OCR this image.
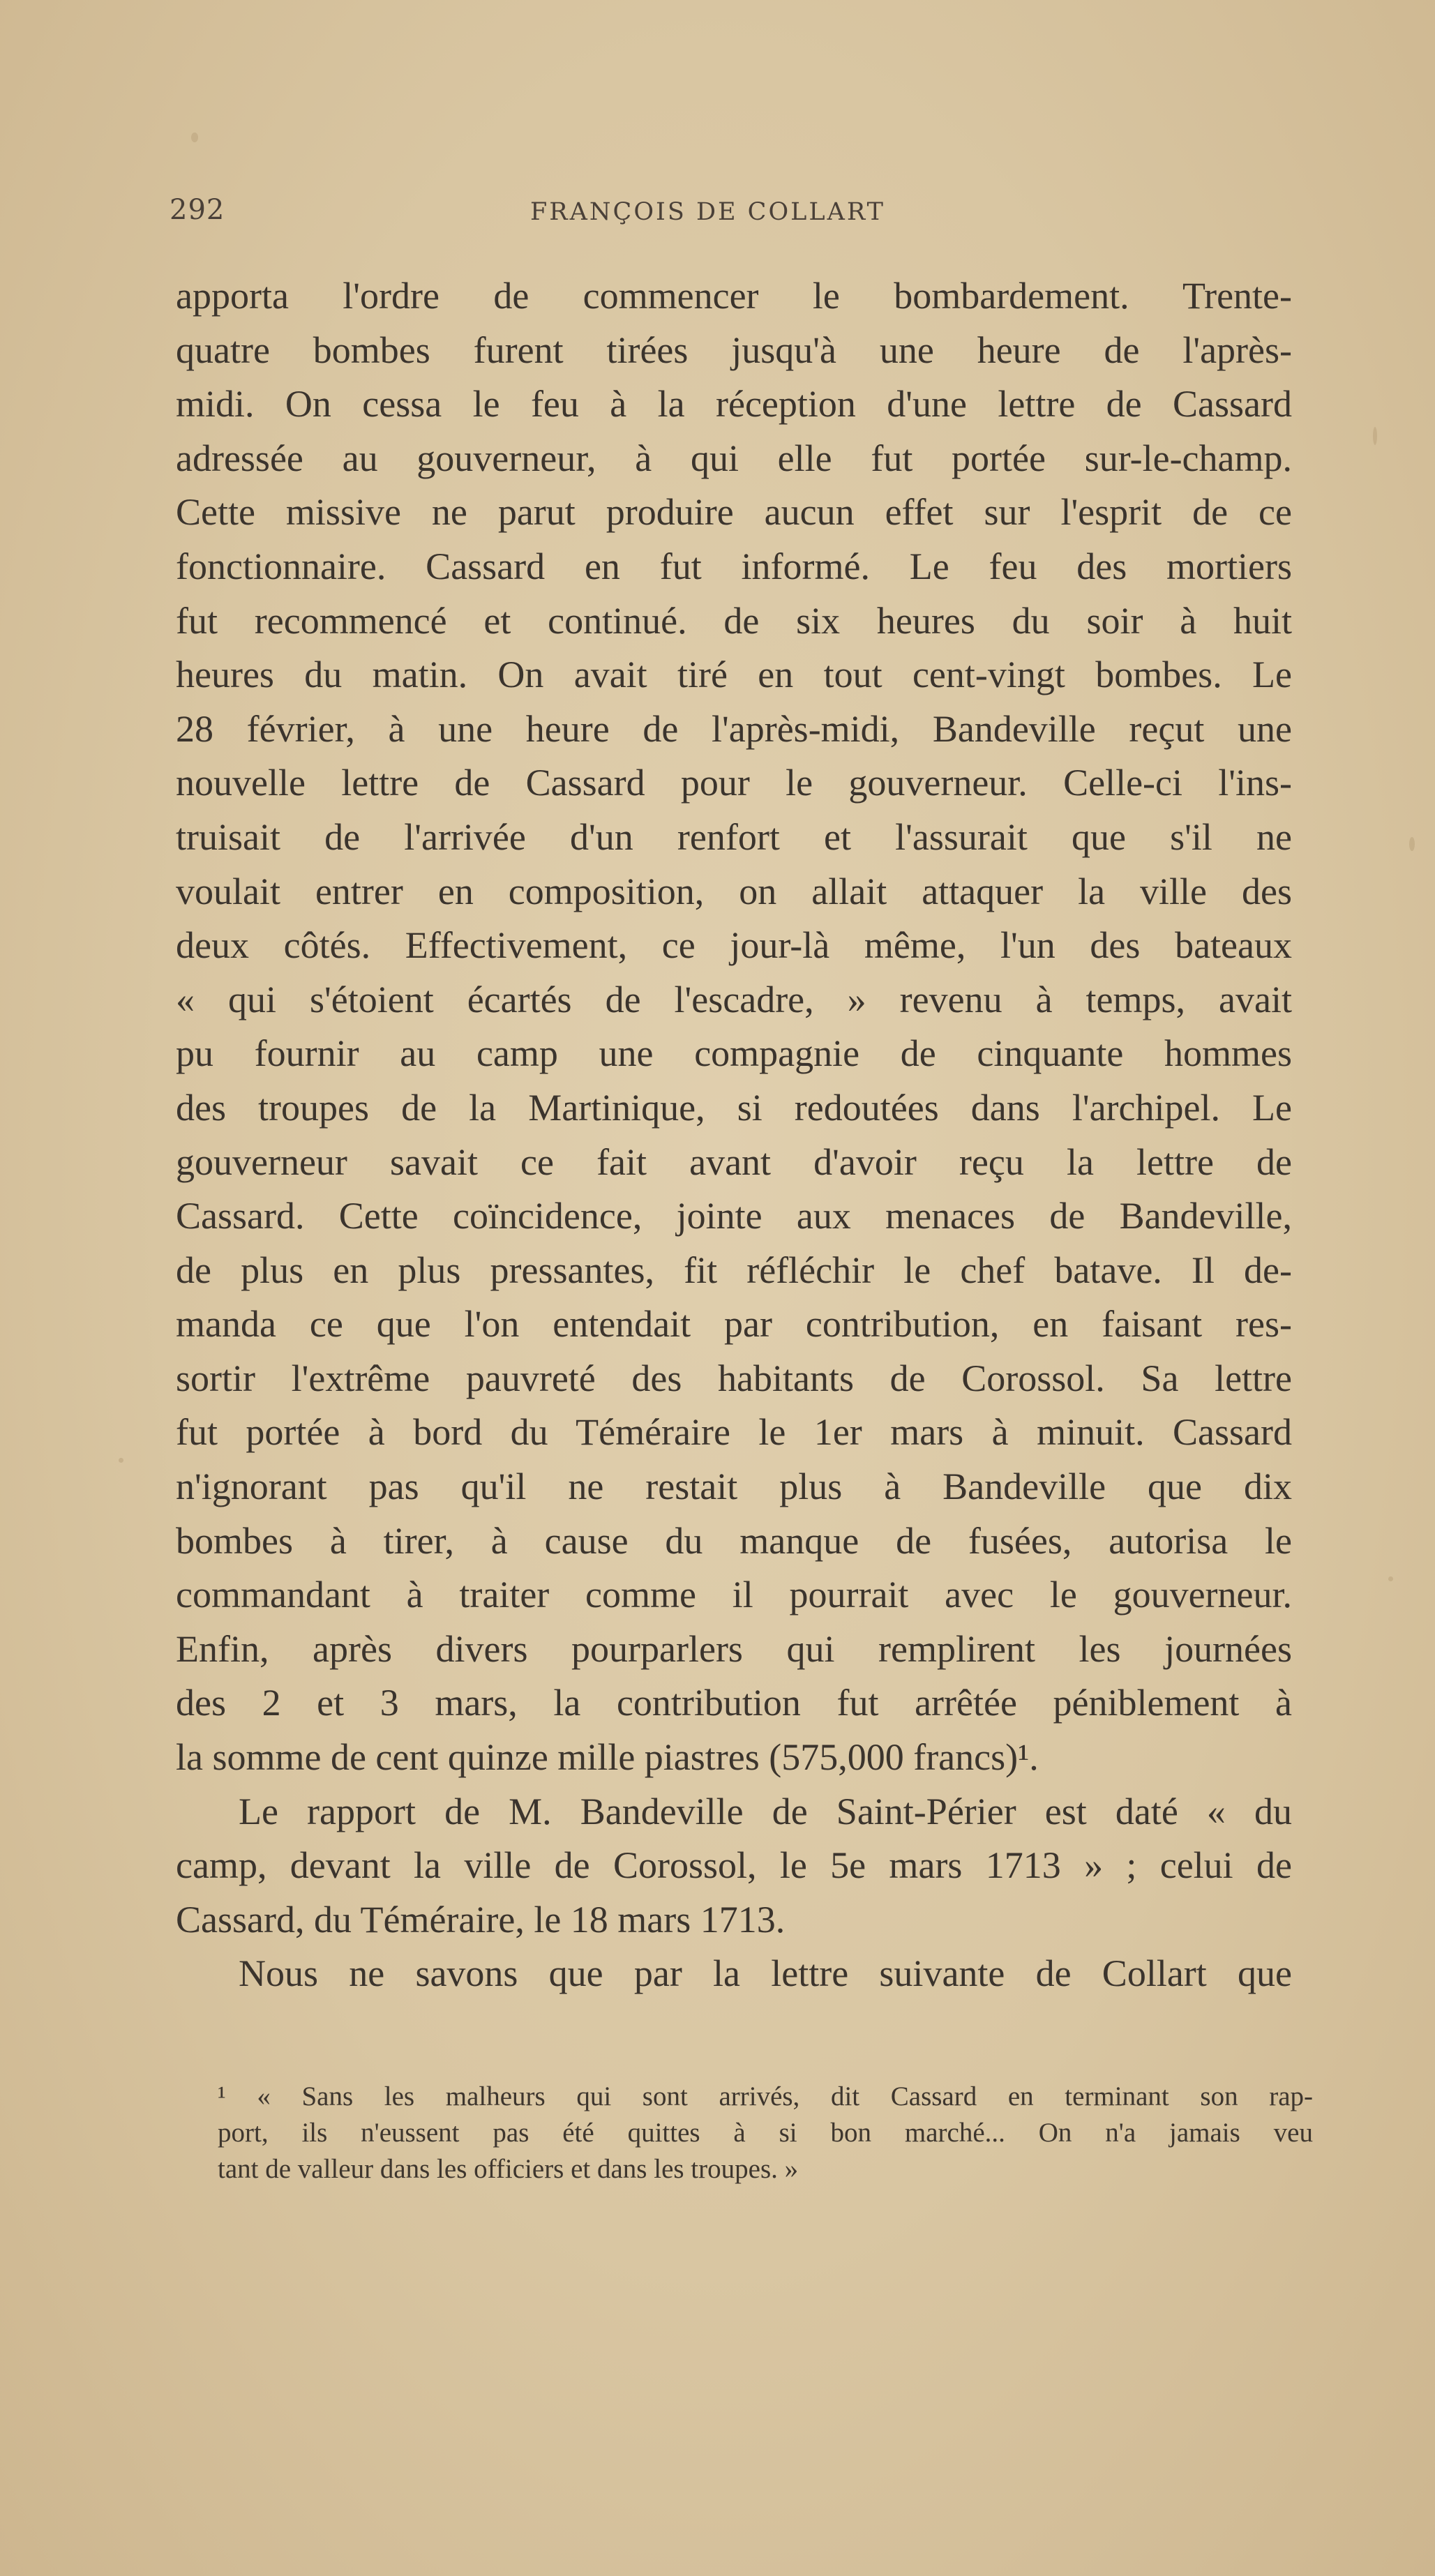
292	FRANÇOIS DE COLLART
apporta l'ordre de commencer le bombardement. Trente-
quatre bombes furent tirées jusqu'à une heure de l'après-
midi. On cessa le feu à la réception d'une lettre de Cassard
adressée au gouverneur, à qui elle fut portée sur-le-champ.
Cette missive ne parut produire aucun effet sur l'esprit de ce
fonctionnaire. Cassard en fut informé. Le feu des mortiers
fut recommencé et continué. de six heures du soir à huit
heures du matin. On avait tiré en tout cent-vingt bombes. Le
28 février, à une heure de l'après-midi, Bandeville reçut une
nouvelle lettre de Cassard pour le gouverneur. Celle-ci l'ins-
truisait de l'arrivée d'un renfort et l'assurait que s'il ne
voulait entrer en composition, on allait attaquer la ville des
deux côtés. Effectivement, ce jour-là même, l'un des bateaux
« qui s'étoient écartés de l'escadre, » revenu à temps, avait
pu fournir au camp une compagnie de cinquante hommes
des troupes de la Martinique, si redoutées dans l'archipel. Le
gouverneur savait ce fait avant d'avoir reçu la lettre de
Cassard. Cette coïncidence, jointe aux menaces de Bandeville,
de plus en plus pressantes, fit réfléchir le chef batave. Il de-
manda ce que l'on entendait par contribution, en faisant res-
sortir l'extrême pauvreté des habitants de Corossol. Sa lettre
fut portée à bord du Téméraire le 1er mars à minuit. Cassard
n'ignorant pas qu'il ne restait plus à Bandeville que dix
bombes à tirer, à cause du manque de fusées, autorisa le
commandant à traiter comme il pourrait avec le gouverneur.
Enfin, après divers pourparlers qui remplirent les journées
des 2 et 3 mars, la contribution fut arrêtée péniblement à
la somme de cent quinze mille piastres (575,000 francs)¹.
Le rapport de M. Bandeville de Saint-Périer est daté « du
camp, devant la ville de Corossol, le 5e mars 1713 » ; celui de
Cassard, du Téméraire, le 18 mars 1713.
Nous ne savons que par la lettre suivante de Collart que
¹ « Sans les malheurs qui sont arrivés, dit Cassard en terminant son rap-
port, ils n'eussent pas été quittes à si bon marché... On n'a jamais veu
tant de valleur dans les officiers et dans les troupes. »
